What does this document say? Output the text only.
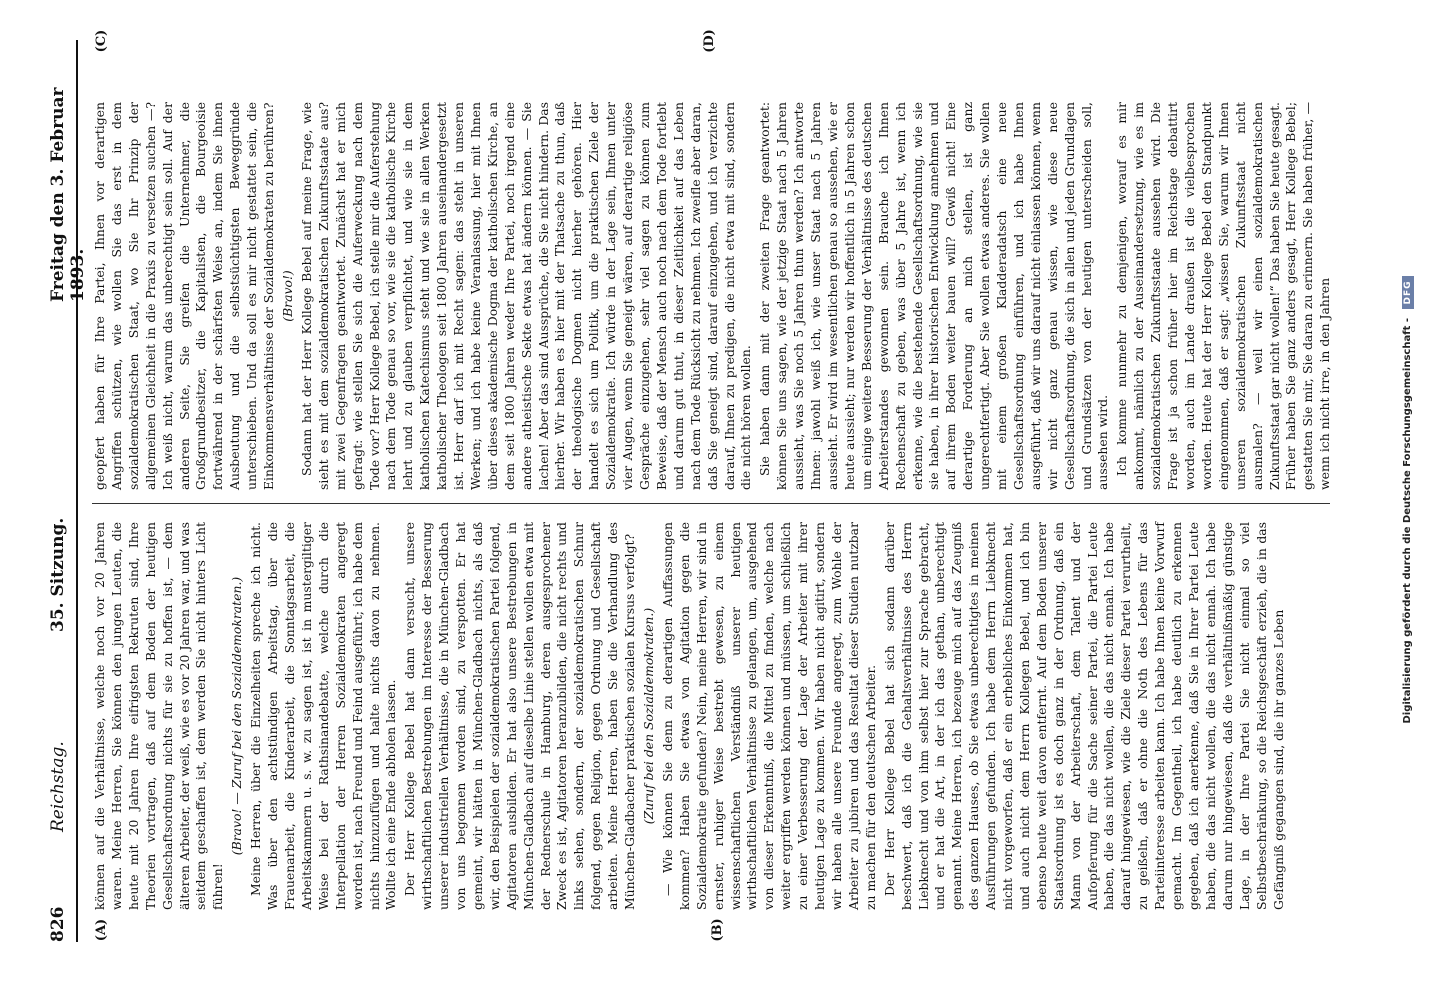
826
Reichstag.
35. Sitzung.
Freitag den 3. Februar 1893.
(A)	(B)
(C)	(D)

können auf die Verhältnisse, welche noch vor 20 Jahren waren. Meine Herren, Sie können den jungen Leuten, die heute mit 20 Jahren Ihre eifrigsten Rekruten sind, Ihre Theorien vortragen, daß auf dem Boden der heutigen Gesellschaftsordnung nichts für sie zu hoffen ist, — dem älteren Arbeiter, der weiß, wie es vor 20 Jahren war, und was seitdem geschaffen ist, dem werden Sie nicht hinters Licht führen!

(Bravo! — Zuruf bei den Sozialdemokraten.) Meine Herren, über die Einzelheiten spreche ich nicht. Was über den achtstündigen Arbeitstag, über die Frauenarbeit, die Kinderarbeit, die Sonntagsarbeit, die Arbeitskammern u. s. w. zu sagen ist, ist in mustergiltiger Weise bei der Rathsinandebatte, welche durch die Interpellation der Herren Sozialdemokraten angeregt worden ist, nach Freund und Feind ausgeführt; ich habe dem nichts hinzuzufügen und halte nichts davon zu nehmen. Wollte ich eine Ende abholen lassen. Der Herr Kollege Bebel hat dann versucht, unsere wirthschaftlichen Bestrebungen im Interesse der Besserung unserer industriellen Verhältnisse, die in München-Gladbach von uns begonnen worden sind, zu verspotten. Er hat gemeint, wir hätten in München-Gladbach nichts, als daß wir, den Beispielen der sozialdemokratischen Partei folgend, Agitatoren ausbilden. Er hat also unsere Bestrebungen in München-Gladbach auf dieselbe Linie stellen wollen etwa mit der Rednerschule in Hamburg, deren ausgesprochener Zweck es ist, Agitatoren heranzubilden, die nicht rechts und links sehen, sondern, der sozialdemokratischen Schnur folgend, gegen Religion, gegen Ordnung und Gesellschaft arbeiten. Meine Herren, haben Sie die Verhandlung des München-Gladbacher praktischen sozialen Kursus verfolgt? (Zuruf bei den Sozialdemokraten.) — Wie können Sie denn zu derartigen Auffassungen kommen? Haben Sie etwas von Agitation gegen die Sozialdemokratie gefunden? Nein, meine Herren, wir sind in ernster, ruhiger Weise bestrebt gewesen, zu einem wissenschaftlichen Verständniß unserer heutigen wirthschaftlichen Verhältnisse zu gelangen, um, ausgehend von dieser Erkenntniß, die Mittel zu finden, welche nach weiter ergriffen werden können und müssen, um schließlich zu einer Verbesserung der Lage der Arbeiter mit ihrer heutigen Lage zu kommen. Wir haben nicht agitirt, sondern wir haben alle unsere Freunde angeregt, zum Wohle der Arbeiter zu jubiren und das Resultat dieser Studien nutzbar zu machen für den deutschen Arbeiter. Der Herr Kollege Bebel hat sich sodann darüber beschwert, daß ich die Gehaltsverhältnisse des Herrn Liebknecht und von ihm selbst hier zur Sprache gebracht, und er hat die Art, in der ich das gethan, unberechtigt genannt. Meine Herren, ich bezeuge mich auf das Zeugniß des ganzen Hauses, ob Sie etwas unberechtigtes in meinen Ausführungen gefunden. Ich habe dem Herrn Liebknecht nicht vorgeworfen, daß er ein erhebliches Einkommen hat, und auch nicht dem Herrn Kollegen Bebel, und ich bin ebenso heute weit davon entfernt. Auf dem Boden unserer Staatsordnung ist es doch ganz in der Ordnung, daß ein Mann von der Arbeiterschaft, dem Talent und der Aufopferung für die Sache seiner Partei, die Partei Leute haben, die das nicht wollen, die das nicht ennah. Ich habe darauf hingewiesen, wie die Ziele dieser Partei verurtheilt, zu geißeln, daß er ohne die Noth des Lebens für das Parteiinteresse arbeiten kann. Ich habe Ihnen keine Vorwurf gemacht. Im Gegentheil, ich habe deutlich zu erkennen gegeben, daß ich anerkenne, daß Sie in Ihrer Partei Leute haben, die das nicht wollen, die das nicht ennah. Ich habe darum nur hingewiesen, daß die verhältnißmäßig günstige Lage, in der Ihre Partei Sie nicht einmal so viel Selbstbeschränkung, so die Reichsgeschäft erzieh, die in das Gefängniß gegangen sind, die ihr ganzes Leben

geopfert haben für Ihre Partei, Ihnen vor derartigen Angriffen schützen, wie wollen Sie das erst in dem sozialdemokratischen Staat, wo Sie Ihr Prinzip der allgemeinen Gleichheit in die Praxis zu versetzen suchen —? Ich weiß nicht, warum das unberechtigt sein soll. Auf der anderen Seite, Sie greifen die Unternehmer, die Großgrundbesitzer, die Kapitalisten, die Bourgeoisie fortwährend in der schärfsten Weise an, indem Sie ihnen Ausbeutung und die selbstsüchtigsten Beweggründe unterschieben. Und da soll es mir nicht gestattet sein, die Einkommensverhältnisse der Sozialdemokraten zu berühren? (Bravo!) Sodann hat der Herr Kollege Bebel auf meine Frage, wie sieht es mit dem sozialdemokratischen Zukunftsstaate aus? mit zwei Gegenfragen geantwortet. Zunächst hat er mich gefragt: wie stellen Sie sich die Auferweckung nach dem Tode vor? Herr Kollege Bebel, ich stelle mir die Auferstehung nach dem Tode genau so vor, wie sie die katholische Kirche lehrt und zu glauben verpflichtet, und wie sie in dem katholischen Katechismus steht und wie sie in allen Werken katholischer Theologen seit 1800 Jahren auseinandergesetzt ist. Herr darf ich mit Recht sagen: das steht in unseren Werken; und ich habe keine Veranlassung, hier mit Ihnen über dieses akademische Dogma der katholischen Kirche, an dem seit 1800 Jahren weder Ihre Partei, noch irgend eine andere atheistische Sekte etwas hat ändern können. — Sie lachen! Aber das sind Aussprüche, die Sie nicht hindern. Das hierher. Wir haben es hier mit der Thatsache zu thun, daß der theologische Dogmen nicht hierher gehören. Hier handelt es sich um Politik, um die praktischen Ziele der Sozialdemokratie. Ich würde in der Lage sein, Ihnen unter vier Augen, wenn Sie geneigt wären, auf derartige religiöse Gespräche einzugehen, sehr viel sagen zu können zum Beweise, daß der Mensch auch noch nach dem Tode fortlebt und darum gut thut, in dieser Zeitlichkeit auf das Leben nach dem Tode Rücksicht zu nehmen. Ich zweifle aber daran, daß Sie geneigt sind, darauf einzugehen, und ich verzichte darauf, Ihnen zu predigen, die nicht etwa mit sind, sondern die nicht hören wollen. Sie haben dann mit der zweiten Frage geantwortet: können Sie uns sagen, wie der jetzige Staat nach 5 Jahren aussieht, was Sie noch 5 Jahren thun werden? Ich antworte Ihnen: jawohl weiß ich, wie unser Staat nach 5 Jahren aussieht. Er wird im wesentlichen genau so aussehen, wie er heute aussieht; nur werden wir hoffentlich in 5 Jahren schon um einige weitere Besserung der Verhältnisse des deutschen Arbeiterstandes gewonnen sein. Brauche ich Ihnen Rechenschaft zu geben, was über 5 Jahre ist, wenn ich erkenne, wie die bestehende Gesellschaftsordnung, wie sie sie haben, in ihrer historischen Entwicklung annehmen und auf ihrem Boden weiter bauen will? Gewiß nicht! Eine derartige Forderung an mich stellen, ist ganz ungerechtfertigt. Aber Sie wollen etwas anderes. Sie wollen mit einem großen Kladderadatsch eine neue Gesellschaftsordnung einführen, und ich habe Ihnen ausgeführt, daß wir uns darauf nicht einlassen können, wenn wir nicht ganz genau wissen, wie diese neue Gesellschaftsordnung, die sich in allen und jeden Grundlagen und Grundsätzen von der heutigen unterscheiden soll, aussehen wird. Ich komme nunmehr zu demjenigen, worauf es mir ankommt, nämlich zu der Auseinandersetzung, wie es im sozialdemokratischen Zukunftsstaate aussehen wird. Die Frage ist ja schon früher hier im Reichstage debattirt worden, auch im Lande draußen ist die vielbesprochen worden. Heute hat der Herr Kollege Bebel den Standpunkt eingenommen, daß er sagt: „wissen Sie, warum wir Ihnen unseren sozialdemokratischen Zukunftsstaat nicht ausmalen? — weil wir einen sozialdemokratischen Zukunftsstaat gar nicht wollen!“ Das haben Sie heute gesagt. Früher haben Sie ganz anders gesagt, Herr Kollege Bebel; gestatten Sie mir, Sie daran zu erinnern. Sie haben früher, — wenn ich nicht irre, in den Jahren	Digitalisierung gefördert durch die Deutsche Forschungsgemeinschaft - DFG
